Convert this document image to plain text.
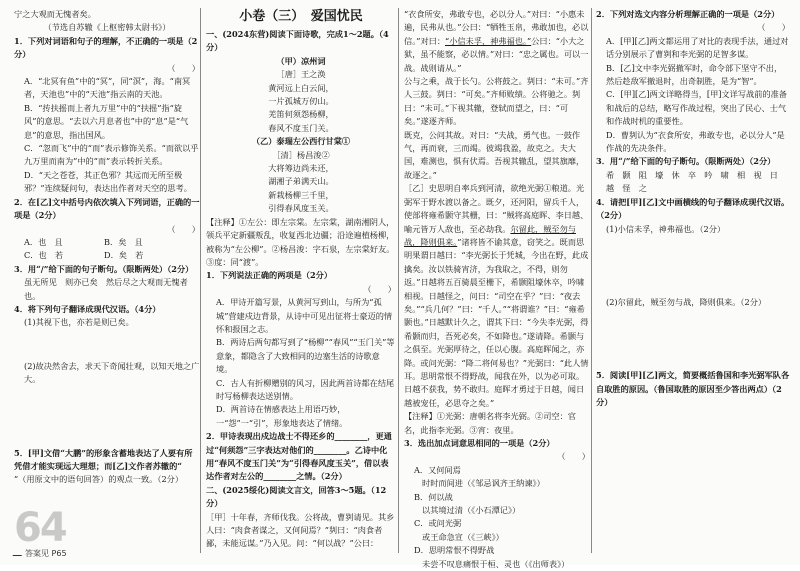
宁之大观而无愧者矣。

（节选自苏辙《上枢密韩太尉书》）

1．下列对词语和句子的理解，不正确的一项是（2分）

（　　）

A．“北冥有鱼”中的“冥”，同“溟”，海。“南冥者，天池也”中的“天池”指云南的天池。

B．“抟扶摇而上者九万里”中的“扶摇”指“旋风”的意思。“去以六月息者也”中的“息”是“气息”的意思，指出国风。

C．“忽而飞”中的“而”表示修饰关系。“而欲以乎九万里而南为”中的“而”表示转折关系。

D．“天之苍苍，其正色邪？其远而无所至极邪？”连续疑问句，表达出作者对天空的思考。

2．在[乙]文中括号内依次填入下列词语，正确的一项是（2分）

（　　）

A．也　且	B．矣　且

C．也　若	D．矣　若

3．用“/”给下面的句子断句。（限断两处）（2分）

虽无所见　则亦已矣　然后尽之大观而无愧者也。

4．将下列句子翻译成现代汉语。（4分）

(1)其视下也，亦若是则已矣。

(2)故决然舍去，求天下奇闻壮观，以知天地之广大。

5．[甲]文借“大鹏”的形象含蓄地表达了人要有所凭借才能实现远大理想；而[乙]文作者苏辙的“

”（用原文中的语句回答）的观点一致。（2分）

64
答案见 P65

小卷（三）　爱国忧民

一、(2024东营)阅读下面诗歌，完成1～2题。（4分）

（甲）凉州词

［唐］王之涣

黄河远上白云间，

一片孤城万仞山。

羌笛何须怨杨柳，

春风不度玉门关。

（乙）泰瑞左公西行甘棠①

［清］杨昌浚②

大将筹边尚未还，

湖湘子弟满天山。

新栽杨柳三千里，

引得春风度玉关。

【注释】①左公：即左宗棠。左宗棠，湖南湘阴人，领兵平定新疆叛乱，收复西北边疆；沿途遍植杨柳，被称为“左公柳”。②杨昌浚：字石泉，左宗棠好友。③度：同“渡”。

1．下列说法正确的两项是（2分）

（　　）

A．甲诗开篇写景，从黄河写到山，与所为“孤城”营建戍边背景，从诗中可见出征将士豪迈的情怀和报国之志。

B．两诗后两句都写到了“杨柳”“春风”“玉门关”等意象，都隐含了大致相同的边塞生活的诗歌意境。

C．古人有折柳赠别的风习，因此两首诗都在结尾时写杨柳表达送别情。

D．两首诗在情感表达上用语巧妙，一“怨”一“引”，形象地表达了情绪。

2．甲诗表现出戍边战士不得还乡的________，更通过“何须怨”三字表达对他们的________。乙诗中化用“春风不度玉门关”为“引得春风度玉关”，借以表达作者对左公的________之情。（2分）

二、(2025绥化)阅读文言文，回答3～5题。（12分）

［甲］十年春，齐师伐我。公将战，曹刿请见。其乡人曰：“肉食者谋之，又何间焉？”刿曰：“肉食者鄙，未能远谋。”乃入见。问：“何以战？”公曰：

“衣食所安，弗敢专也，必以分人。”对曰：“小惠未遍，民弗从也。”公曰：“牺牲玉帛，弗敢加也，必以信。”对曰：“小信未孚，神弗福也。”公曰：“小大之狱，虽不能察，必以情。”对曰：“忠之属也。可以一战。战则请从。”

公与之乘，战于长勺。公将鼓之。刿曰：“未可。”齐人三鼓。刿曰：“可矣。”齐师败绩。公将驰之。刿曰：“未可。”下视其辙，登轼而望之，曰：“可矣。”遂逐齐师。

既克，公问其故。对曰：“夫战，勇气也。一鼓作气，再而衰，三而竭。彼竭我盈，故克之。夫大国，难测也，惧有伏焉。吾视其辙乱，望其旗靡，故逐之。”

［乙］史思明自率兵到河清，欲绝光弼①粮道。光弼军于野水渡以备之。既夕，还河阳，留兵千人，使部将雍希颢守其栅，曰：“贼将高庭晖、李日越、喻元皆万人敌也，至必劫我。尔留此，贼至勿与战，降则俱来。”诸将皆不谕其意，窃笑之。既而思明果谓日越曰：“李光弼长于凭城，今出在野，此成擒矣。汝以铁骑宵济，为我取之，不得，则勿返。”日越将五百骑晨至栅下，希颢阻壕休卒，吟啸相视。日越怪之，问曰：“司空在乎？”曰：“夜去矣。”“兵几何？”曰：“千人。”“将谓谁？”曰：“雍希颢也。”日越默计久之，谓其下曰：“今失李光弼，得希颢而归，吾死必矣，不如降也。”遂请降。希颢与之俱至。光弼厚待之，任以心腹。高庭晖闻之，亦降。或问光弼：“降二将何易也？”光弼曰：“此人情耳。思明常恨不得野战，闻我在外，以为必可取。日越不获我，势不敢归。庭晖才勇过于日越，闻日越被宠任，必思夺之矣。”

【注释】①光弼：唐朝名将李光弼。②司空：官名，此指李光弼。③宵：夜里。

3．选出加点词意思相同的一项是（2分）

（　　）

A．又何间焉

时时而间进（《邹忌讽齐王纳谏》）

B．何以战

以其境过清（《小石潭记》）

C．或问光弼

或王命急宣（《三峡》）

D．思明常恨不得野战

未尝不叹息痛恨于桓、灵也（《出师表》）

2．下列对选文内容分析理解正确的一项是（2分）

（　　）

A．[甲][乙]两文都运用了对比的表现手法，通过对话分别展示了曹刿和李光弼的足智多谋。

B．[乙]文中李光弼撤军时，命令部下坚守不出，然后趁敌军撤退时，出奇制胜，是为“智”。

C．[甲][乙]两文详略得当，[甲]文详写战前的准备和战后的总结，略写作战过程，突出了民心、士气和作战时机的重要性。

D．曹刿认为“衣食所安，弗敢专也，必以分人”是作战的先决条件。

3．用“/”给下面的句子断句。（限断两处）（2分）

希　颢　阻　壕　休　卒　吟　啸　相　视　日　越　怪　之

4．请把[甲][乙]文中画横线的句子翻译成现代汉语。（2分）

(1)小信未孚，神弗福也。（2分）

(2)尔留此，贼至勿与战，降则俱来。（2分）

5．阅读[甲][乙]两文，简要概括鲁国和李光弼军队各自取胜的原因。（鲁国取胜的原因至少答出两点）（2分）
